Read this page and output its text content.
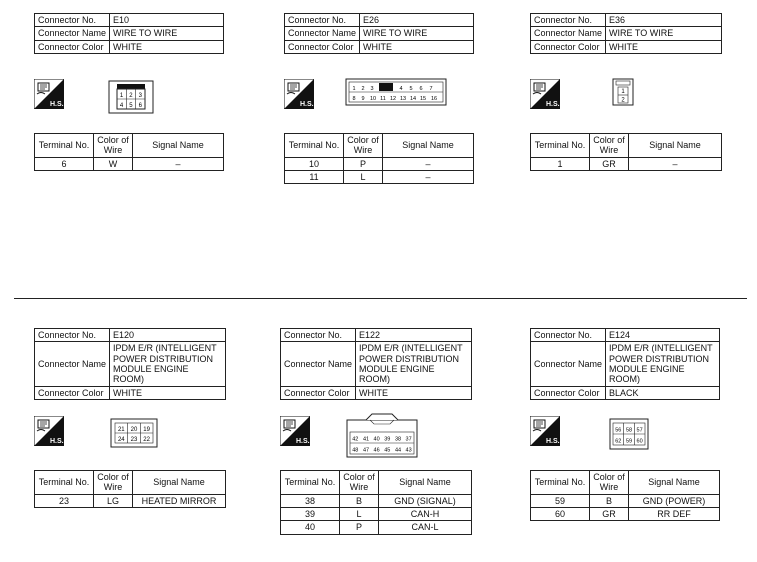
Connector No.	E10
Connector Name	WIRE TO WIRE
Connector Color	WHITE
H.S.
1 2 3
4 5 6
Terminal No.	Color of Wire	Signal Name
6	W	–
Connector No.	E26
Connector Name	WIRE TO WIRE
Connector Color	WHITE
H.S.
1 2 3	4 5 6 7
8 9 10 11 12 13 14 15 16
Terminal No.	Color of Wire	Signal Name
10	P	–
11	L	–
Connector No.	E36
Connector Name	WIRE TO WIRE
Connector Color	WHITE
H.S.
1
2
Terminal No.	Color of Wire	Signal Name
1	GR	–
Connector No.	E120
Connector Name	IPDM E/R (INTELLIGENT POWER DISTRIBUTION MODULE ENGINE ROOM)
Connector Color	WHITE
H.S.
21 20 19
24 23 22
Terminal No.	Color of Wire	Signal Name
23	LG	HEATED MIRROR
Connector No.	E122
Connector Name	IPDM E/R (INTELLIGENT POWER DISTRIBUTION MODULE ENGINE ROOM)
Connector Color	WHITE
H.S.	42 41 40 39 38 37
48 47 46 45 44 43
Terminal No.	Color of Wire	Signal Name
38	B	GND (SIGNAL)
39	L	CAN-H
40	P	CAN-L
Connector No.	E124
Connector Name	IPDM E/R (INTELLIGENT POWER DISTRIBUTION MODULE ENGINE ROOM)
Connector Color	BLACK
H.S.
56 58 57
62 59 60
Terminal No.	Color of Wire	Signal Name
59	B	GND (POWER)
60	GR	RR DEF
